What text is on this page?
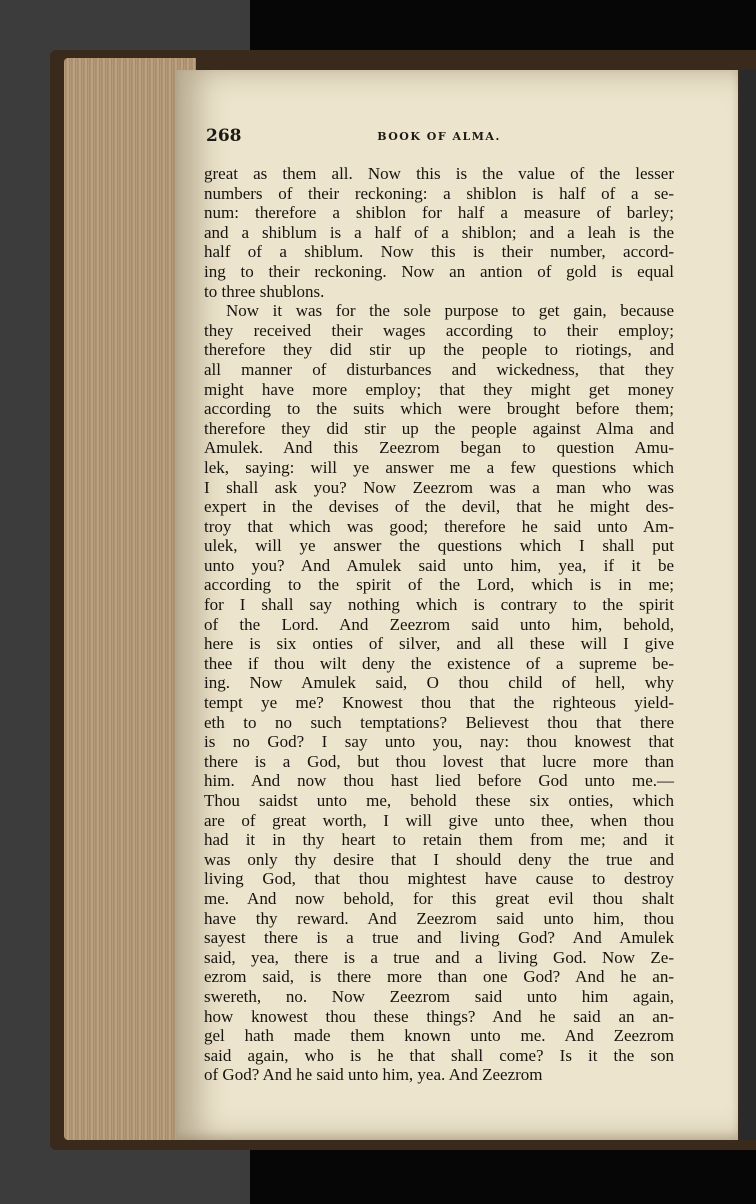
268	BOOK OF ALMA.
great as them all. Now this is the value of the lesser
numbers of their reckoning: a shiblon is half of a se-
num: therefore a shiblon for half a measure of barley;
and a shiblum is a half of a shiblon; and a leah is the
half of a shiblum. Now this is their number, accord-
ing to their reckoning. Now an antion of gold is equal
to three shublons.
Now it was for the sole purpose to get gain, because
they received their wages according to their employ;
therefore they did stir up the people to riotings, and
all manner of disturbances and wickedness, that they
might have more employ; that they might get money
according to the suits which were brought before them;
therefore they did stir up the people against Alma and
Amulek. And this Zeezrom began to question Amu-
lek, saying: will ye answer me a few questions which
I shall ask you? Now Zeezrom was a man who was
expert in the devises of the devil, that he might des-
troy that which was good; therefore he said unto Am-
ulek, will ye answer the questions which I shall put
unto you? And Amulek said unto him, yea, if it be
according to the spirit of the Lord, which is in me;
for I shall say nothing which is contrary to the spirit
of the Lord. And Zeezrom said unto him, behold,
here is six onties of silver, and all these will I give
thee if thou wilt deny the existence of a supreme be-
ing. Now Amulek said, O thou child of hell, why
tempt ye me? Knowest thou that the righteous yield-
eth to no such temptations? Believest thou that there
is no God? I say unto you, nay: thou knowest that
there is a God, but thou lovest that lucre more than
him. And now thou hast lied before God unto me.—
Thou saidst unto me, behold these six onties, which
are of great worth, I will give unto thee, when thou
had it in thy heart to retain them from me; and it
was only thy desire that I should deny the true and
living God, that thou mightest have cause to destroy
me. And now behold, for this great evil thou shalt
have thy reward. And Zeezrom said unto him, thou
sayest there is a true and living God? And Amulek
said, yea, there is a true and a living God. Now Ze-
ezrom said, is there more than one God? And he an-
swereth, no. Now Zeezrom said unto him again,
how knowest thou these things? And he said an an-
gel hath made them known unto me. And Zeezrom
said again, who is he that shall come? Is it the son
of God? And he said unto him, yea. And Zeezrom
